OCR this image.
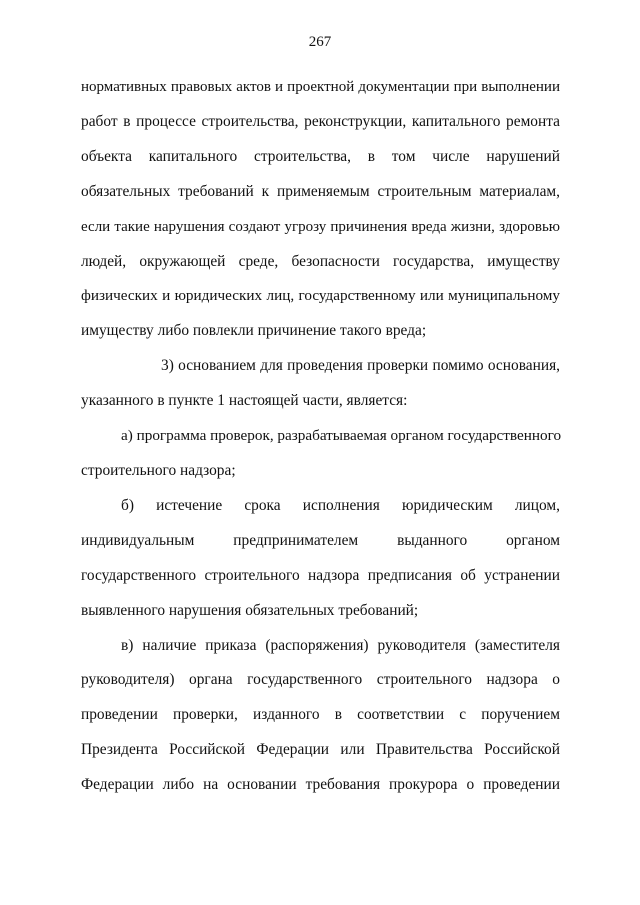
267
нормативных правовых актов и проектной документации при выполнении
работ в процессе строительства, реконструкции, капитального ремонта
объекта капитального строительства, в том числе нарушений
обязательных требований к применяемым строительным материалам,
если такие нарушения создают угрозу причинения вреда жизни, здоровью
людей, окружающей среде, безопасности государства, имуществу
физических и юридических лиц, государственному или муниципальному
имуществу либо повлекли причинение такого вреда;
3) основанием для проведения проверки помимо основания,
указанного в пункте 1 настоящей части, является:
а) программа проверок, разрабатываемая органом государственного
строительного надзора;
б) истечение срока исполнения юридическим лицом,
индивидуальным предпринимателем выданного органом
государственного строительного надзора предписания об устранении
выявленного нарушения обязательных требований;
в) наличие приказа (распоряжения) руководителя (заместителя
руководителя) органа государственного строительного надзора о
проведении проверки, изданного в соответствии с поручением
Президента Российской Федерации или Правительства Российской
Федерации либо на основании требования прокурора о проведении
